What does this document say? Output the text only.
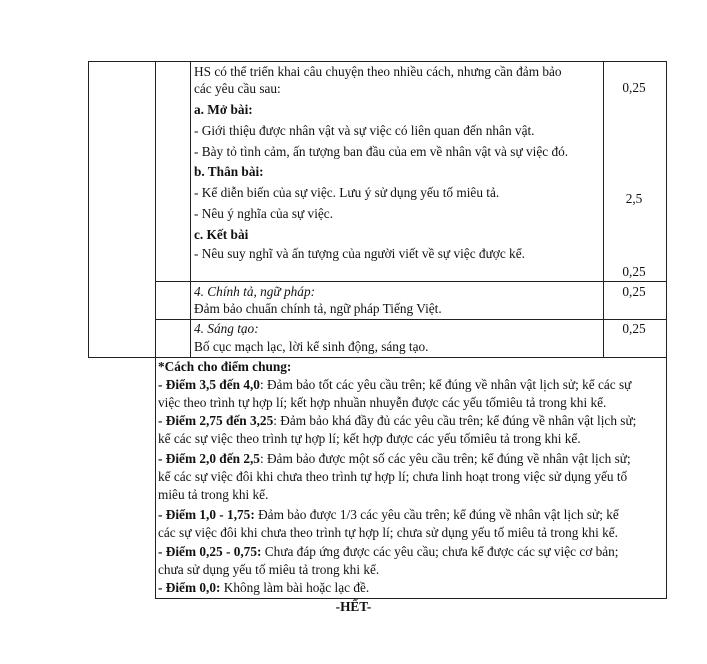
HS có thể triển khai câu chuyện theo nhiều cách, nhưng cần đảm bảo
các yêu cầu sau:
a. Mở bài:
- Giới thiệu được nhân vật và sự việc có liên quan đến nhân vật.
- Bày tỏ tình cảm, ấn tượng ban đầu của em về nhân vật và sự việc đó.
b. Thân bài:
- Kể diễn biến của sự việc. Lưu ý sử dụng yếu tố miêu tả.
- Nêu ý nghĩa của sự việc.
c. Kết bài
- Nêu suy nghĩ và ấn tượng của người viết về sự việc được kể.
0,25
2,5
0,25
4. Chính tả, ngữ pháp:
Đảm bảo chuẩn chính tả, ngữ pháp Tiếng Việt.
0,25
4. Sáng tạo:
Bố cục mạch lạc, lời kể sinh động, sáng tạo.
0,25
*Cách cho điểm chung:
- Điểm 3,5 đến 4,0: Đảm bảo tốt các yêu cầu trên; kể đúng về nhân vật lịch sử; kể các sự
việc theo trình tự hợp lí; kết hợp nhuần nhuyễn được các yếu tốmiêu tả trong khi kể.
- Điểm 2,75 đến 3,25: Đảm bảo khá đầy đủ các yêu cầu trên; kể đúng về nhân vật lịch sử;
kể các sự việc theo trình tự hợp lí; kết hợp được các yếu tốmiêu tả trong khi kể.
- Điểm 2,0 đến 2,5: Đảm bảo được một số các yêu cầu trên; kể đúng về nhân vật lịch sử;
kể các sự việc đôi khi chưa theo trình tự hợp lí; chưa linh hoạt trong việc sử dụng yếu tố
miêu tả trong khi kể.
- Điểm 1,0 - 1,75: Đảm bảo được 1/3 các yêu cầu trên; kể đúng về nhân vật lịch sử; kể
các sự việc đôi khi chưa theo trình tự hợp lí; chưa sử dụng yếu tố miêu tả trong khi kể.
- Điểm 0,25 - 0,75: Chưa đáp ứng được các yêu cầu; chưa kể được các sự việc cơ bản;
chưa sử dụng yếu tố miêu tả trong khi kể.
- Điểm 0,0: Không làm bài hoặc lạc đề.
-HẾT-
